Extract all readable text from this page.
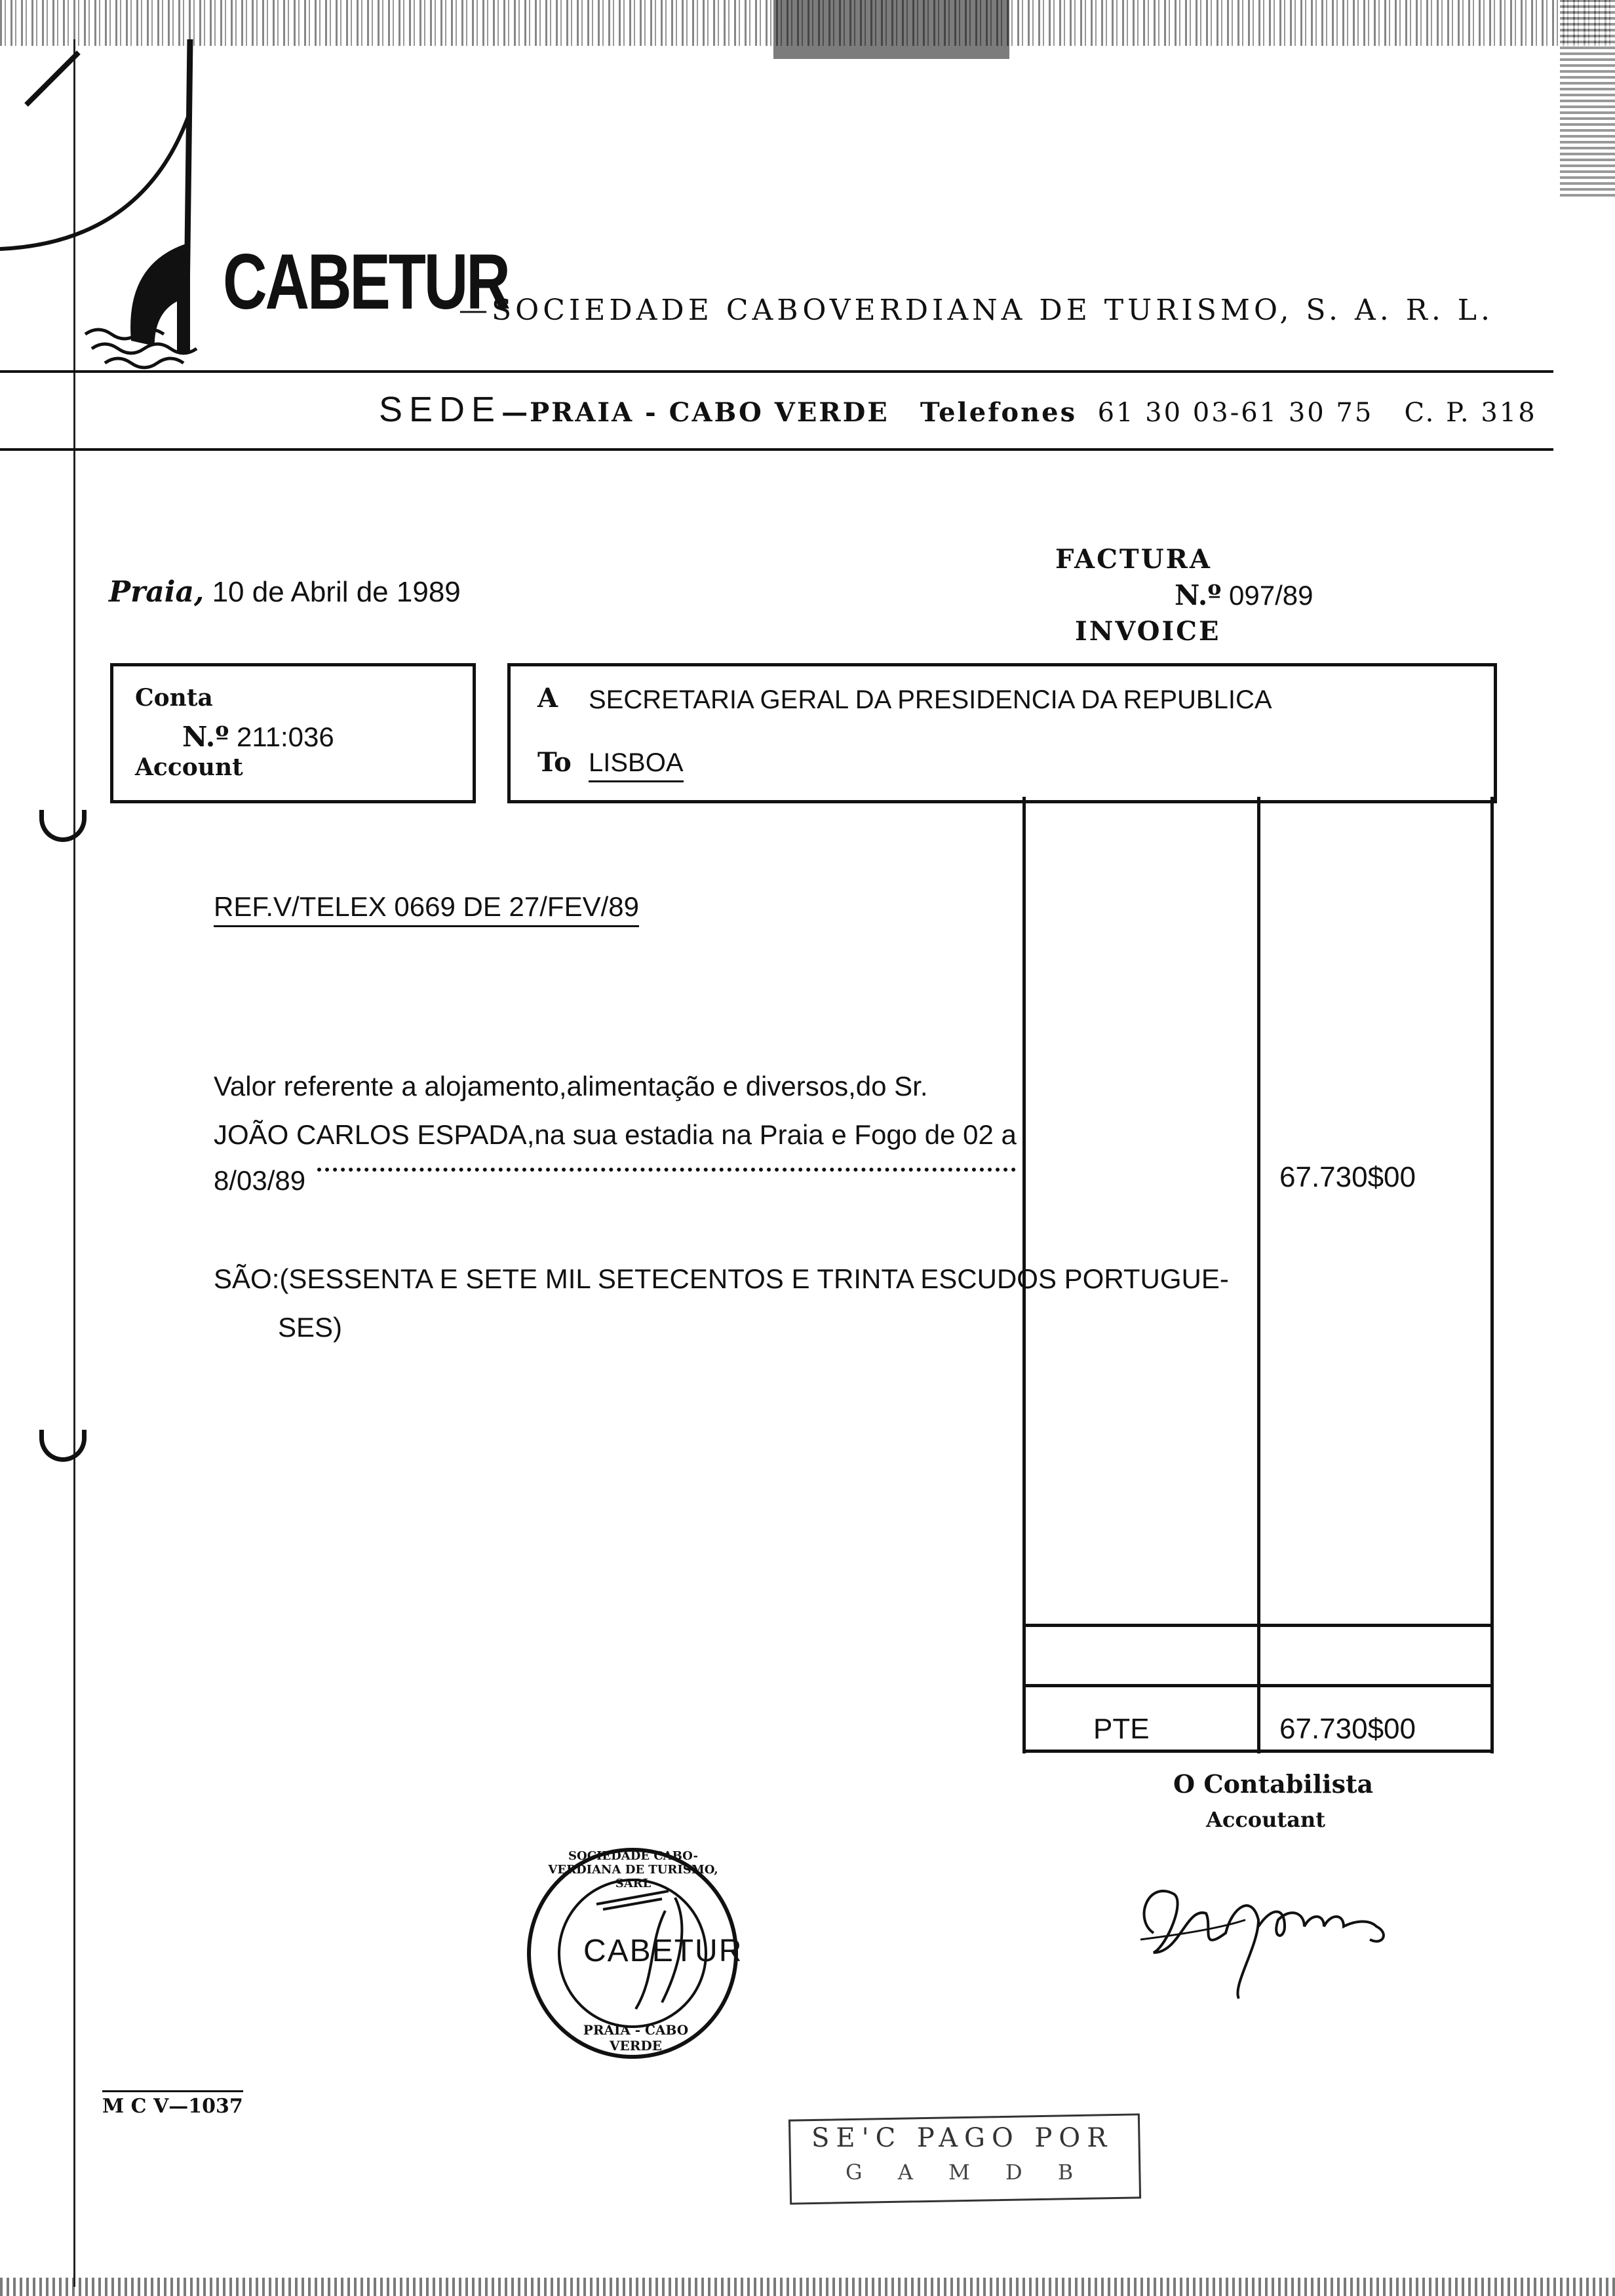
CABETUR
—SOCIEDADE CABOVERDIANA DE TURISMO, S. A. R. L.
SEDE—PRAIA - CABO VERDE Telefones 61 30 03-61 30 75 C. P. 318
Praia, 10 de Abril de 1989
FACTURA
N.º 097/89
INVOICE
Conta
N.º 211:036
Account
A SECRETARIA GERAL DA PRESIDENCIA DA REPUBLICA
To LISBOA
REF.V/TELEX 0669 DE 27/FEV/89
Valor referente a alojamento,alimentação e diversos,do Sr.
JOÃO CARLOS ESPADA,na sua estadia na Praia e Fogo de 02 a
8/03/89	67.730$00
SÃO:(SESSENTA E SETE MIL SETECENTOS E TRINTA ESCUDOS PORTUGUE-
SES)
PTE	67.730$00
O Contabilista
Accoutant
CABETUR
SOCIEDADE CABO-VERDIANA DE TURISMO, SARL
PRAIA - CABO VERDE
M C V—1037
SE'C PAGO POR
G A M D B
